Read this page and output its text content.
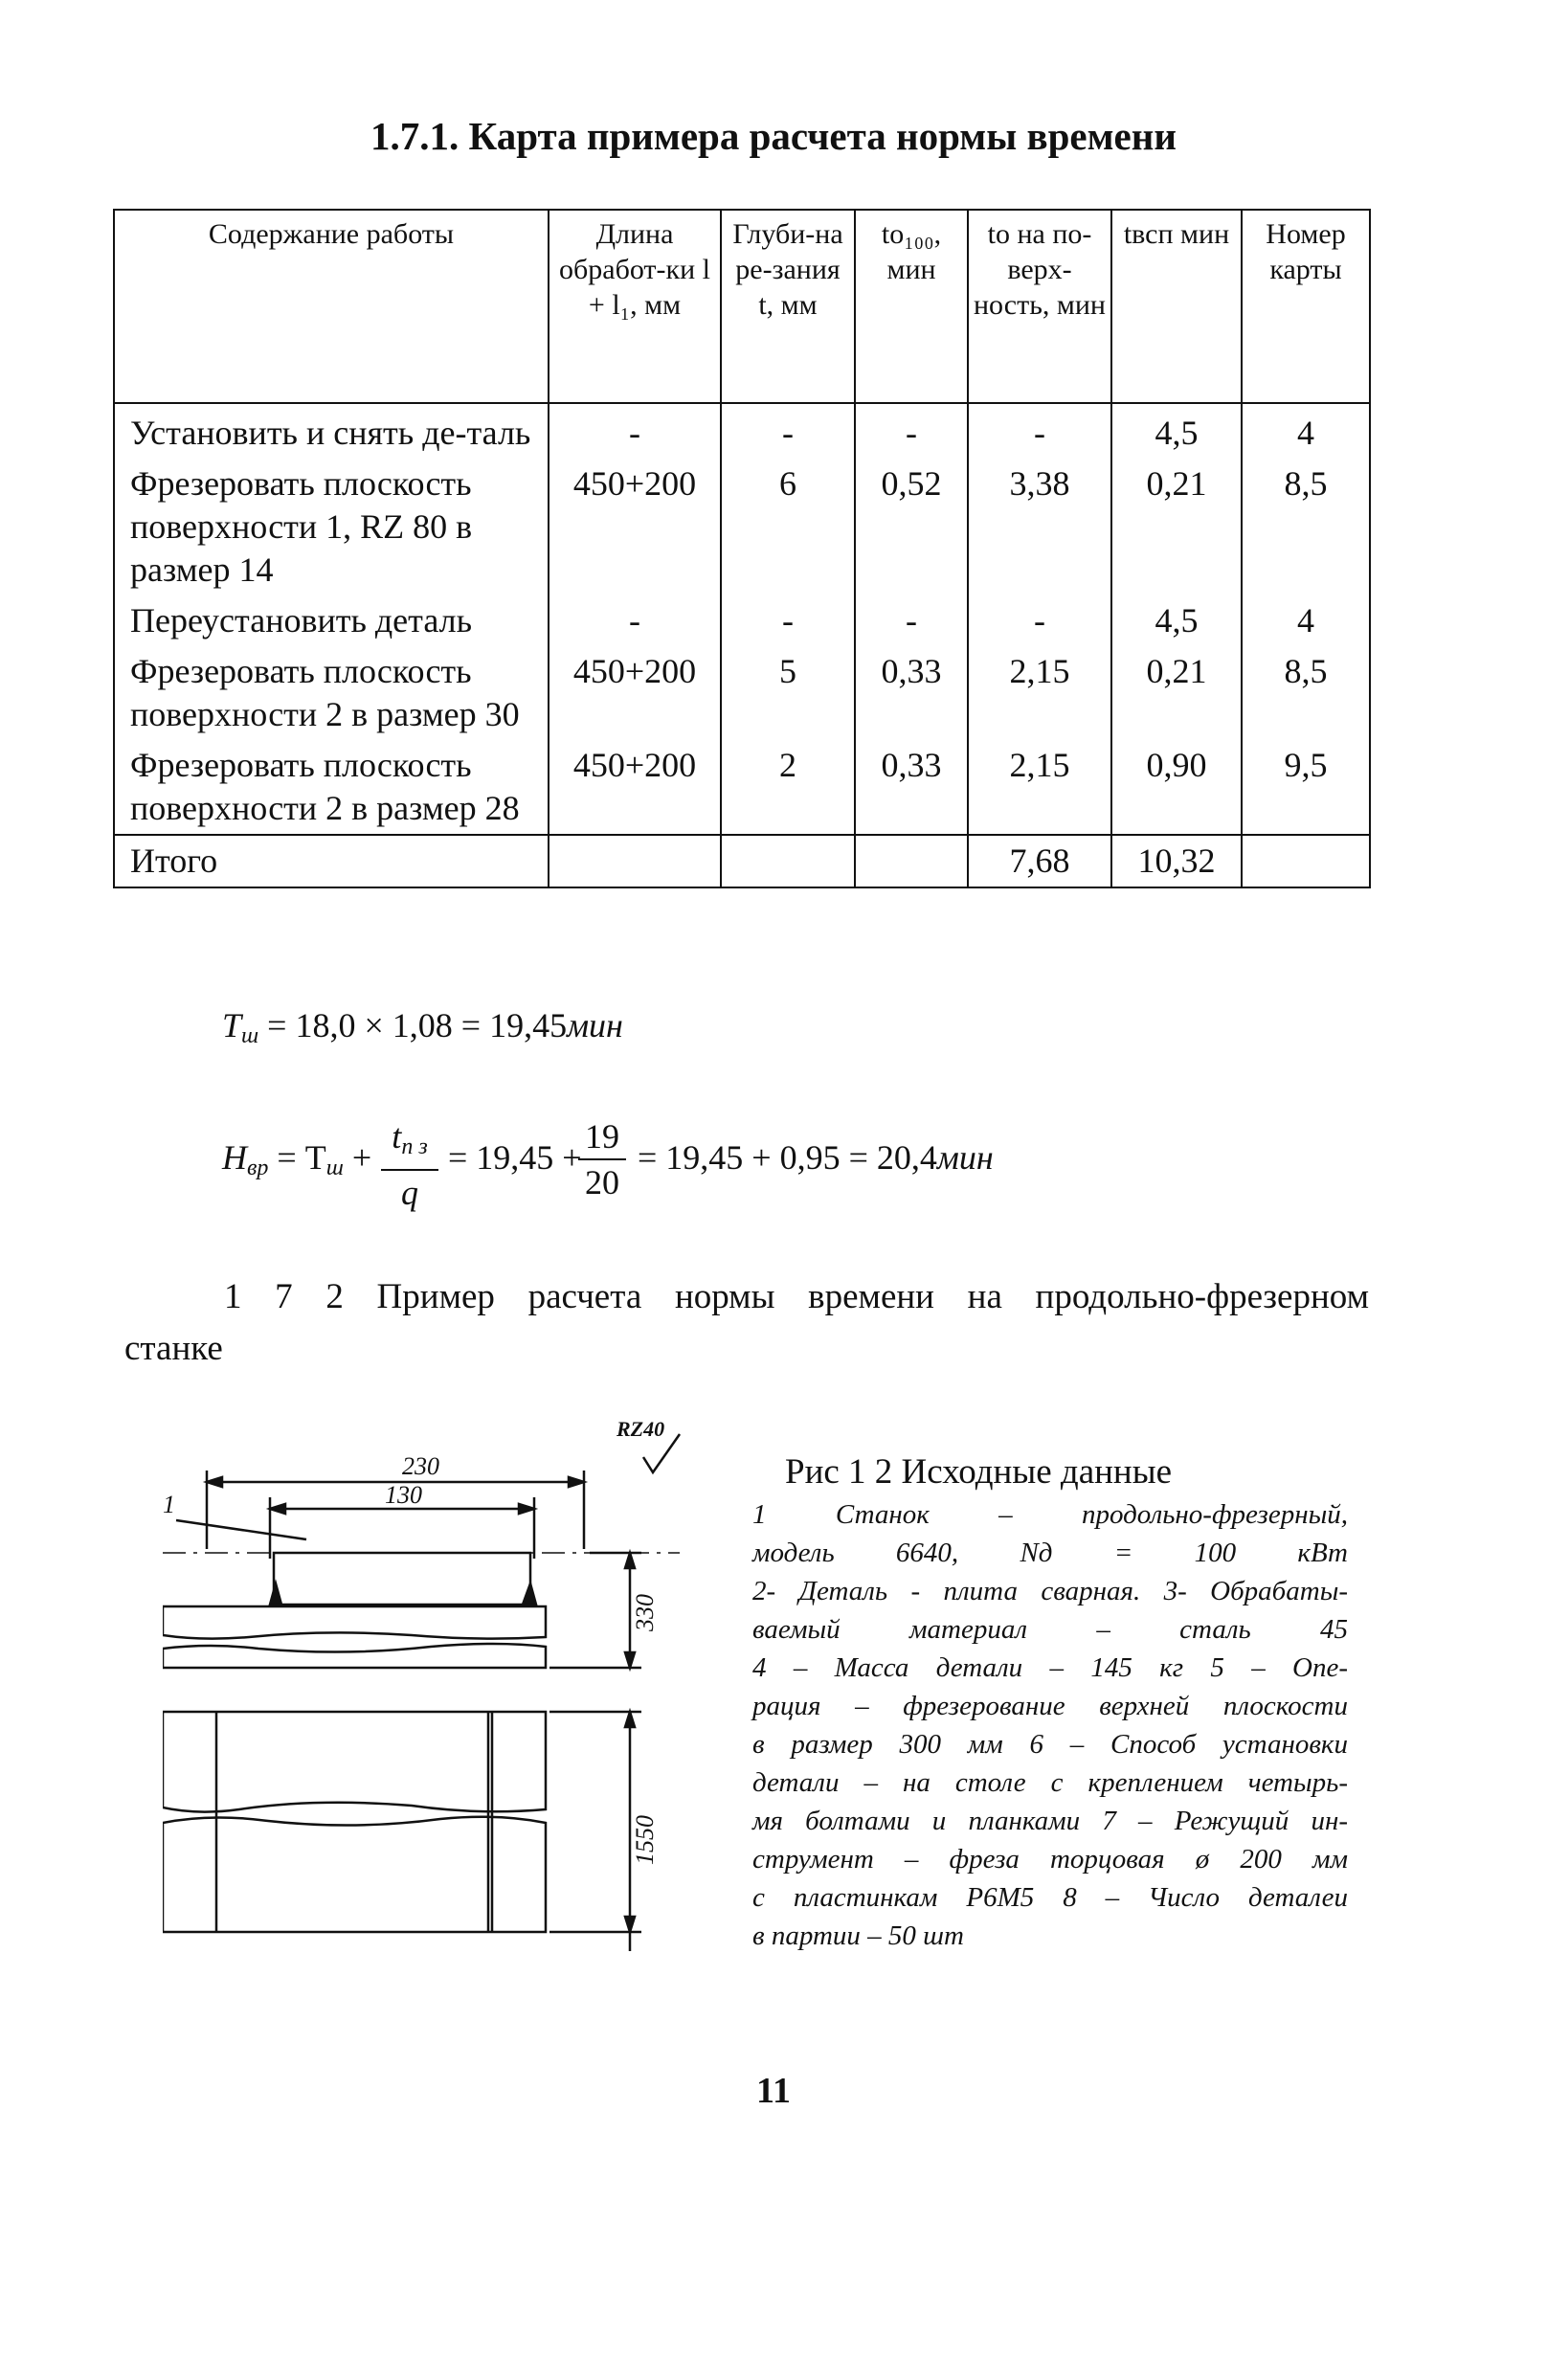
1.7.1. Карта примера расчета нормы времени
Содержание работы	Длина обработ-ки l + l₁, мм	Глуби-на ре-зания t, мм	to₁₀₀, мин	to на по-верх-ность, мин	tвсп мин	Номер карты
Установить и снять де-таль	-	-	-	-	4,5	4
Фрезеровать плоскость поверхности 1, RZ 80 в размер 14	450+200	6	0,52	3,38	0,21	8,5
Переустановить деталь	-	-	-	-	4,5	4
Фрезеровать плоскость поверхности 2 в размер 30	450+200	5	0,33	2,15	0,21	8,5
Фрезеровать плоскость поверхности 2 в размер 28	450+200	2	0,33	2,15	0,90	9,5
Итого				7,68	10,32	
$T_ш = 18,0 \times 1,08 = 19,45мин$
$H_{вр} = T_ш$ +
$t_{п з}$
q
= 19,45 +
$\frac{19}{20} = 19,45 + 0,95 = 20,4мин$
1 7 2 Пример расчета нормы времени на продольно-фрезерном
станке
230
130
1
RZ40
330
1550
Рис 1 2 Исходные данные

1 Станок – продольно-фрезерный,

модель 6640, Nд = 100 кВт

2- Деталь - плита сварная. 3- Обрабаты-

ваемый материал – сталь 45

4 – Масса детали – 145 кг 5 – Опе-

рация – фрезерование верхней плоскости

в размер 300 мм 6 – Способ установки

детали – на столе с креплением четырь-

мя болтами и планками 7 – Режущий ин-

струмент – фреза торцовая ø 200 мм

с пластинкам Р6М5 8 – Число деталеи

в партии – 50 шт

11
